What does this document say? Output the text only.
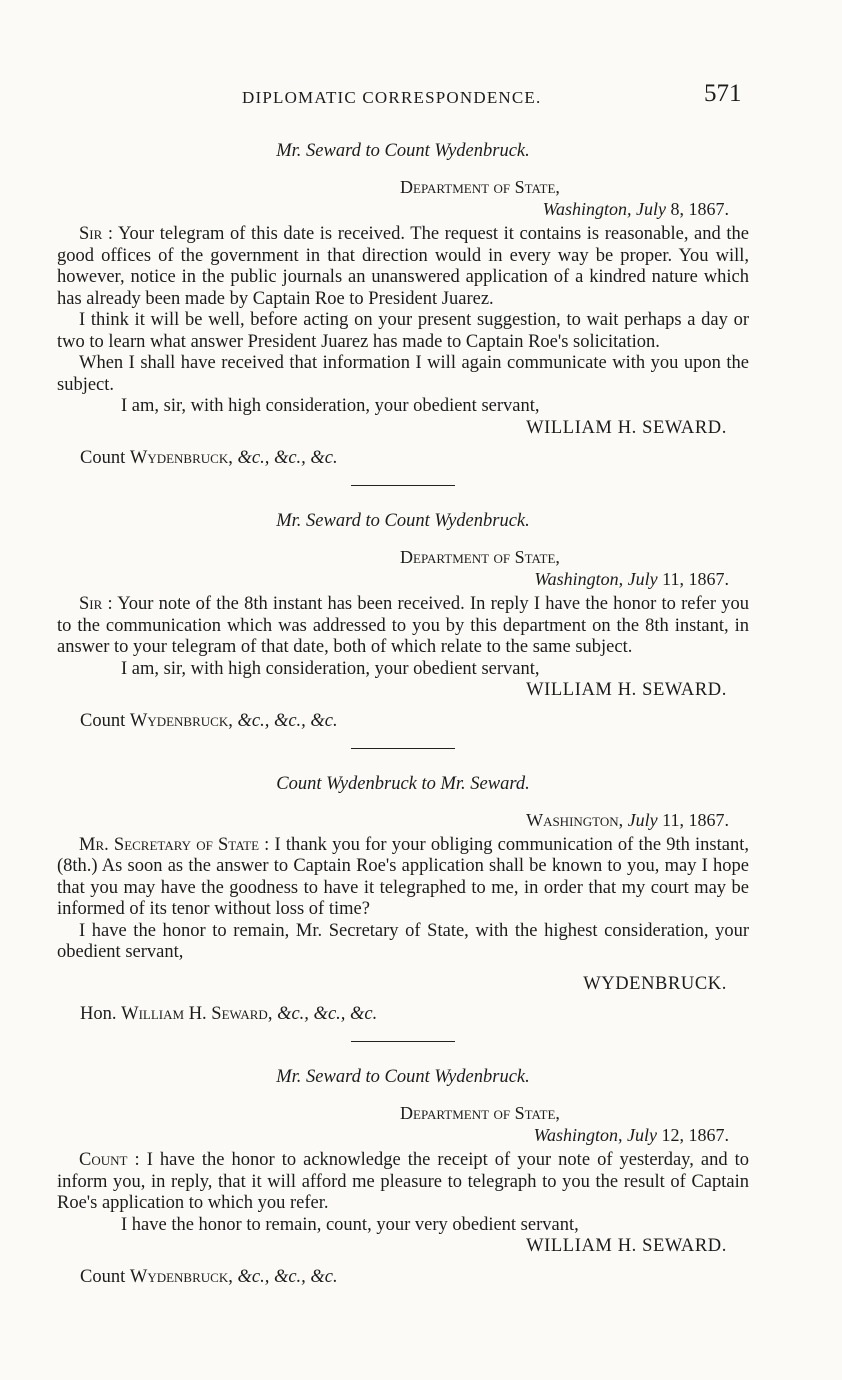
DIPLOMATIC CORRESPONDENCE.	571
Mr. Seward to Count Wydenbruck.
Department of State,
Washington, July 8, 1867.

Sir : Your telegram of this date is received. The request it contains is reasonable, and the good offices of the government in that direction would in every way be proper. You will, however, notice in the public journals an unanswered application of a kindred nature which has already been made by Captain Roe to President Juarez.

I think it will be well, before acting on your present suggestion, to wait perhaps a day or two to learn what answer President Juarez has made to Captain Roe's solicitation.

When I shall have received that information I will again communicate with you upon the subject.

I am, sir, with high consideration, your obedient servant,
WILLIAM H. SEWARD.
Count Wydenbruck, &c., &c., &c.
Mr. Seward to Count Wydenbruck.
Department of State,
Washington, July 11, 1867.

Sir : Your note of the 8th instant has been received. In reply I have the honor to refer you to the communication which was addressed to you by this department on the 8th instant, in answer to your telegram of that date, both of which relate to the same subject.

I am, sir, with high consideration, your obedient servant,
WILLIAM H. SEWARD.
Count Wydenbruck, &c., &c., &c.
Count Wydenbruck to Mr. Seward.
Washington, July 11, 1867.

Mr. Secretary of State : I thank you for your obliging communication of the 9th instant, (8th.) As soon as the answer to Captain Roe's application shall be known to you, may I hope that you may have the goodness to have it telegraphed to me, in order that my court may be informed of its tenor without loss of time?

I have the honor to remain, Mr. Secretary of State, with the highest consideration, your obedient servant,

WYDENBRUCK.
Hon. William H. Seward, &c., &c., &c.
Mr. Seward to Count Wydenbruck.
Department of State,
Washington, July 12, 1867.

Count : I have the honor to acknowledge the receipt of your note of yesterday, and to inform you, in reply, that it will afford me pleasure to telegraph to you the result of Captain Roe's application to which you refer.

I have the honor to remain, count, your very obedient servant,
WILLIAM H. SEWARD.
Count Wydenbruck, &c., &c., &c.
